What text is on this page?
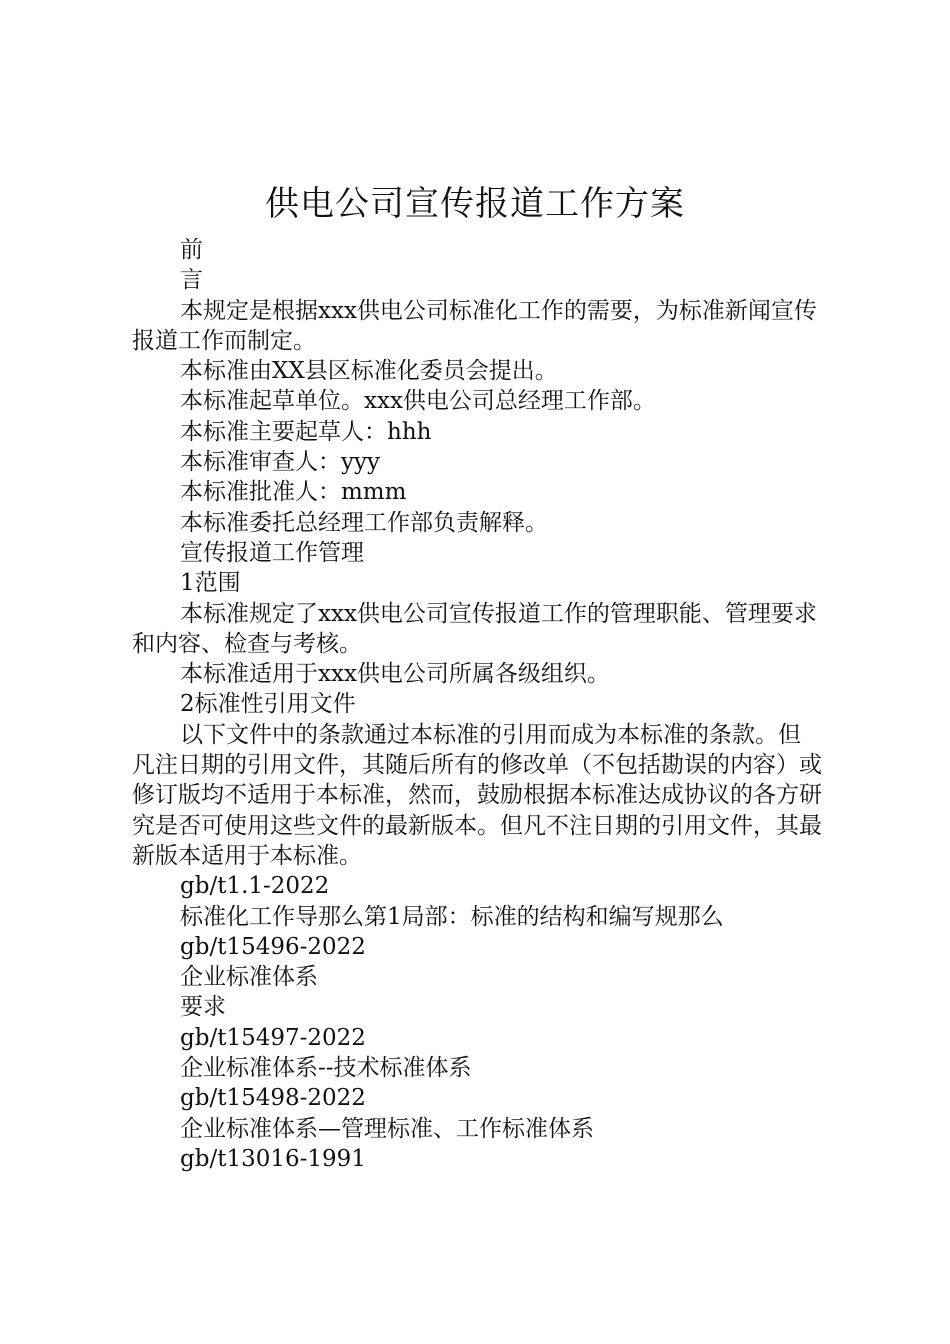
供电公司宣传报道工作方案

前

言

本规定是根据xxx供电公司标准化工作的需要，为标准新闻宣传报道工作而制定。

本标准由XX县区标准化委员会提出。

本标准起草单位。xxx供电公司总经理工作部。

本标准主要起草人：hhh

本标准审查人：yyy

本标准批准人：mmm

本标准委托总经理工作部负责解释。

宣传报道工作管理

1范围

本标准规定了xxx供电公司宣传报道工作的管理职能、管理要求和内容、检查与考核。

本标准适用于xxx供电公司所属各级组织。

2标准性引用文件

以下文件中的条款通过本标准的引用而成为本标准的条款。但凡注日期的引用文件，其随后所有的修改单（不包括勘误的内容）或修订版均不适用于本标准，然而，鼓励根据本标准达成协议的各方研究是否可使用这些文件的最新版本。但凡不注日期的引用文件，其最新版本适用于本标准。

gb/t1.1-2022

标准化工作导那么第1局部：标准的结构和编写规那么

gb/t15496-2022

企业标准体系

要求

gb/t15497-2022

企业标准体系--技术标准体系

gb/t15498-2022

企业标准体系—管理标准、工作标准体系

gb/t13016-1991
